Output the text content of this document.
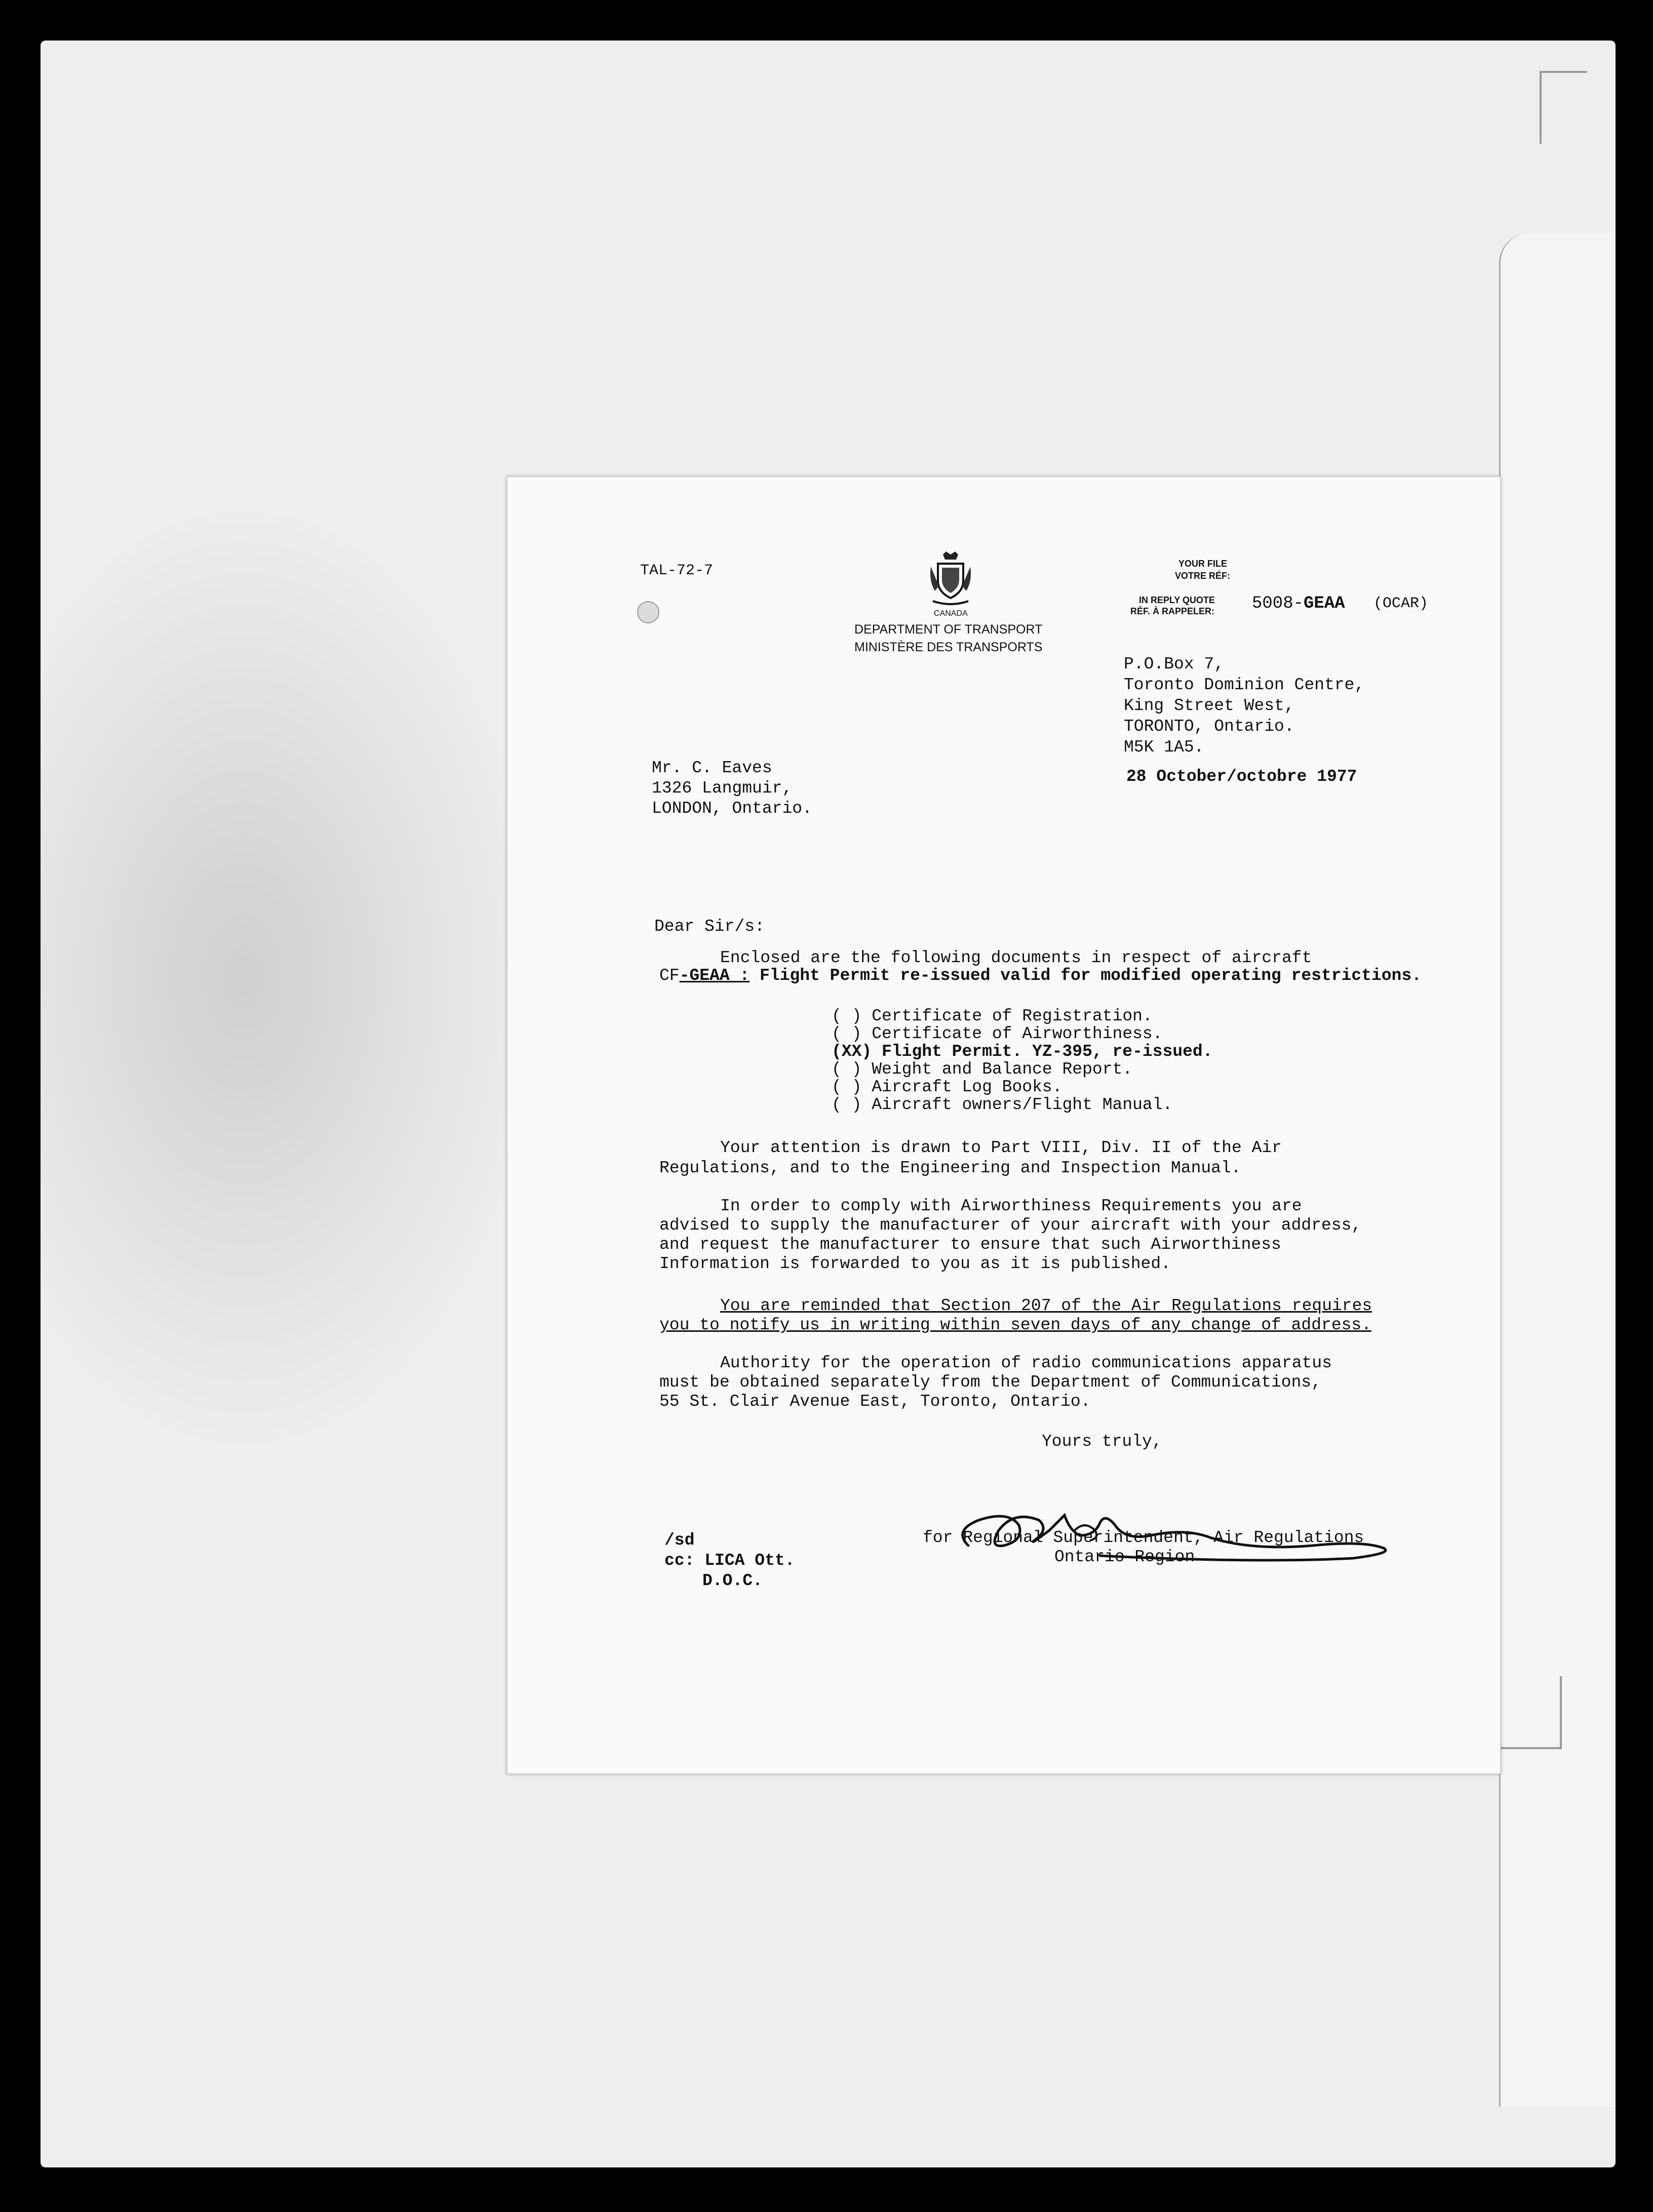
TAL-72-7
CANADA
DEPARTMENT OF TRANSPORT
MINISTÈRE DES TRANSPORTS
YOUR FILE
VOTRE RÉF:
IN REPLY QUOTE
RÉF. À RAPPELER: 5008-GEAA (OCAR)
P.O.Box 7,
Toronto Dominion Centre,
King Street West,
TORONTO, Ontario.
M5K 1A5.
28 October/octobre 1977
Mr. C. Eaves
1326 Langmuir,
LONDON, Ontario.
Dear Sir/s:
Enclosed are the following documents in respect of aircraft
CF-GEAA : Flight Permit re-issued valid for modified operating restrictions.
( ) Certificate of Registration.
( ) Certificate of Airworthiness.
(XX) Flight Permit. YZ-395, re-issued.
( ) Weight and Balance Report.
( ) Aircraft Log Books.
( ) Aircraft owners/Flight Manual.
Your attention is drawn to Part VIII, Div. II of the Air
Regulations, and to the Engineering and Inspection Manual.
In order to comply with Airworthiness Requirements you are
advised to supply the manufacturer of your aircraft with your address,
and request the manufacturer to ensure that such Airworthiness
Information is forwarded to you as it is published.
You are reminded that Section 207 of the Air Regulations requires
you to notify us in writing within seven days of any change of address.
Authority for the operation of radio communications apparatus
must be obtained separately from the Department of Communications,
55 St. Clair Avenue East, Toronto, Ontario.
Yours truly,
for Regional Superintendent, Air Regulations
Ontario Region
/sd
cc: LICA Ott.
D.O.C.
